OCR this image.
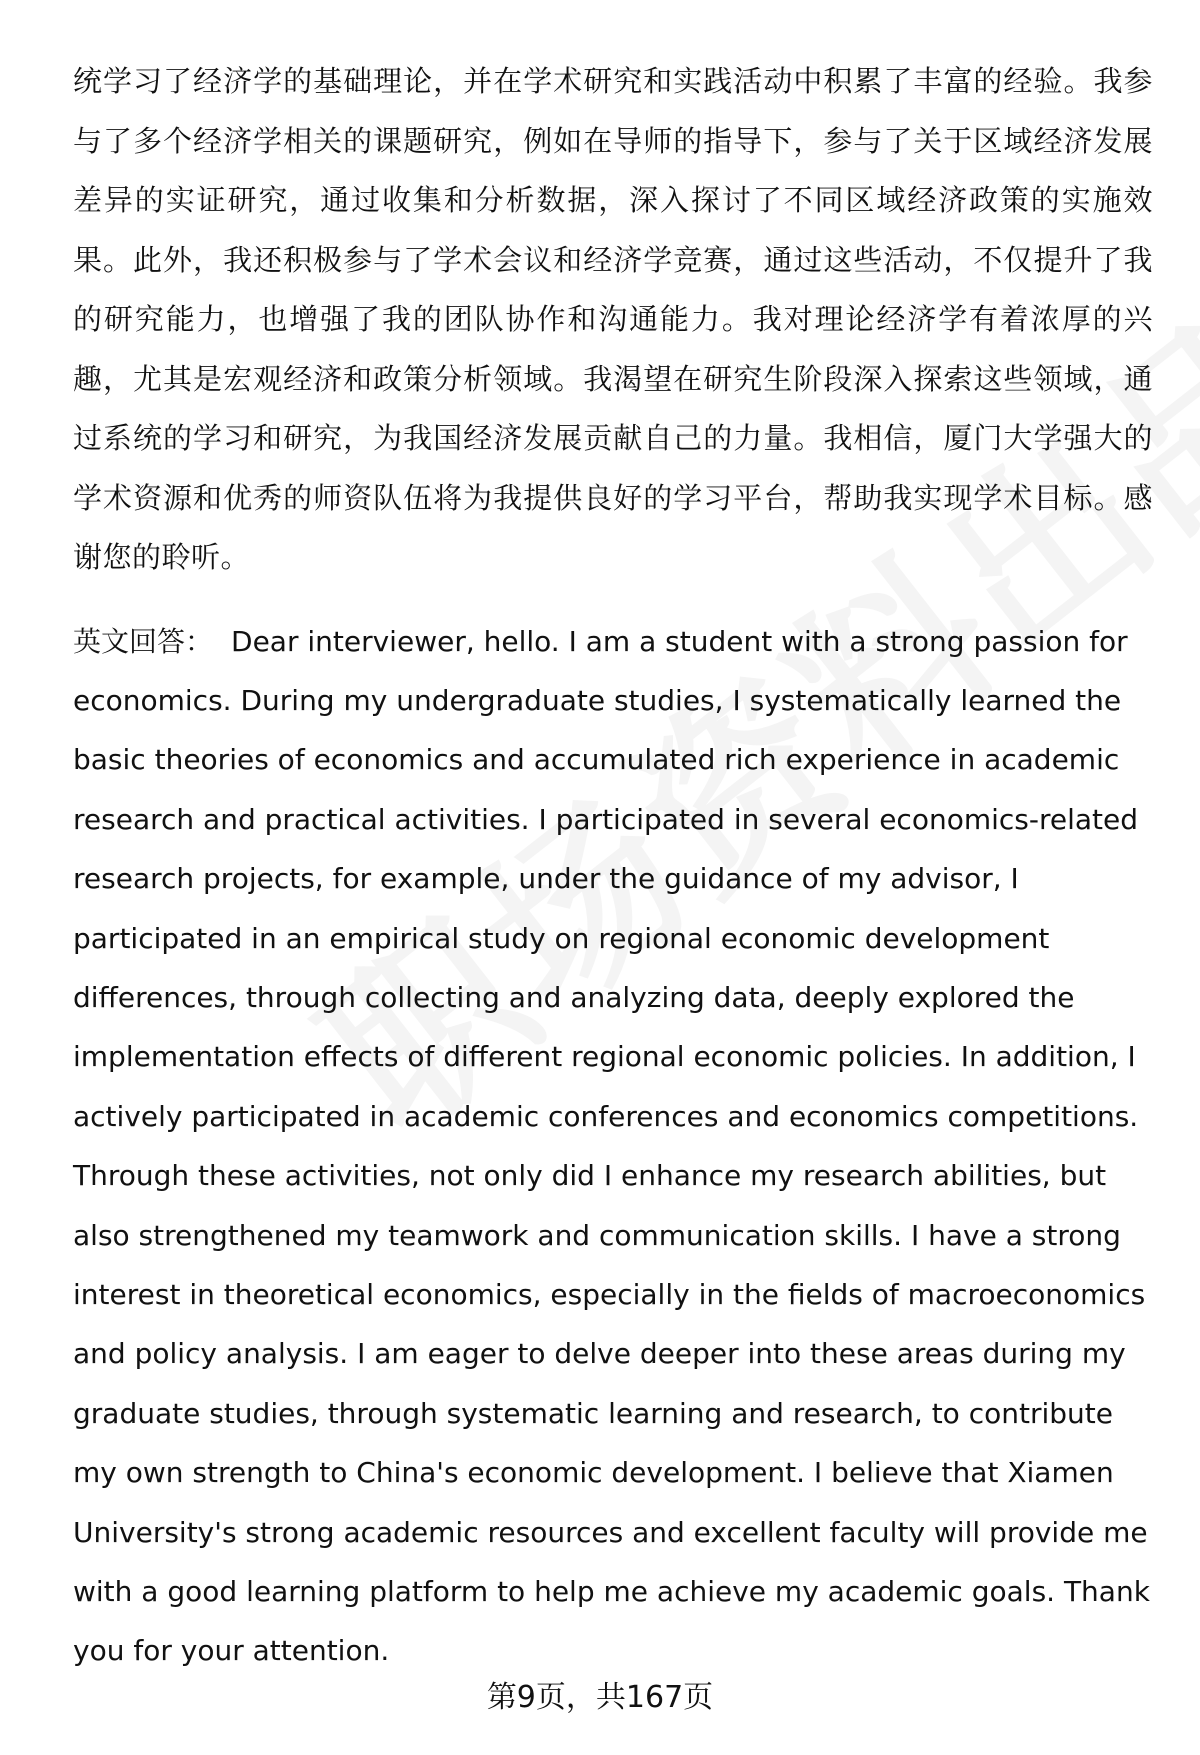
统学习了经济学的基础理论，并在学术研究和实践活动中积累了丰富的经验。我参与了多个经济学相关的课题研究，例如在导师的指导下，参与了关于区域经济发展差异的实证研究，通过收集和分析数据，深入探讨了不同区域经济政策的实施效果。此外，我还积极参与了学术会议和经济学竞赛，通过这些活动，不仅提升了我的研究能力，也增强了我的团队协作和沟通能力。我对理论经济学有着浓厚的兴趣，尤其是宏观经济和政策分析领域。我渴望在研究生阶段深入探索这些领域，通过系统的学习和研究，为我国经济发展贡献自己的力量。我相信，厦门大学强大的学术资源和优秀的师资队伍将为我提供良好的学习平台，帮助我实现学术目标。感谢您的聆听。

英文回答： Dear interviewer, hello. I am a student with a strong passion for economics. During my undergraduate studies, I systematically learned the basic theories of economics and accumulated rich experience in academic research and practical activities. I participated in several economics-related research projects, for example, under the guidance of my advisor, I participated in an empirical study on regional economic development differences, through collecting and analyzing data, deeply explored the implementation effects of different regional economic policies. In addition, I actively participated in academic conferences and economics competitions. Through these activities, not only did I enhance my research abilities, but also strengthened my teamwork and communication skills. I have a strong interest in theoretical economics, especially in the fields of macroeconomics and policy analysis. I am eager to delve deeper into these areas during my graduate studies, through systematic learning and research, to contribute my own strength to China's economic development. I believe that Xiamen University's strong academic resources and excellent faculty will provide me with a good learning platform to help me achieve my academic goals. Thank you for your attention.

第9页，共167页
